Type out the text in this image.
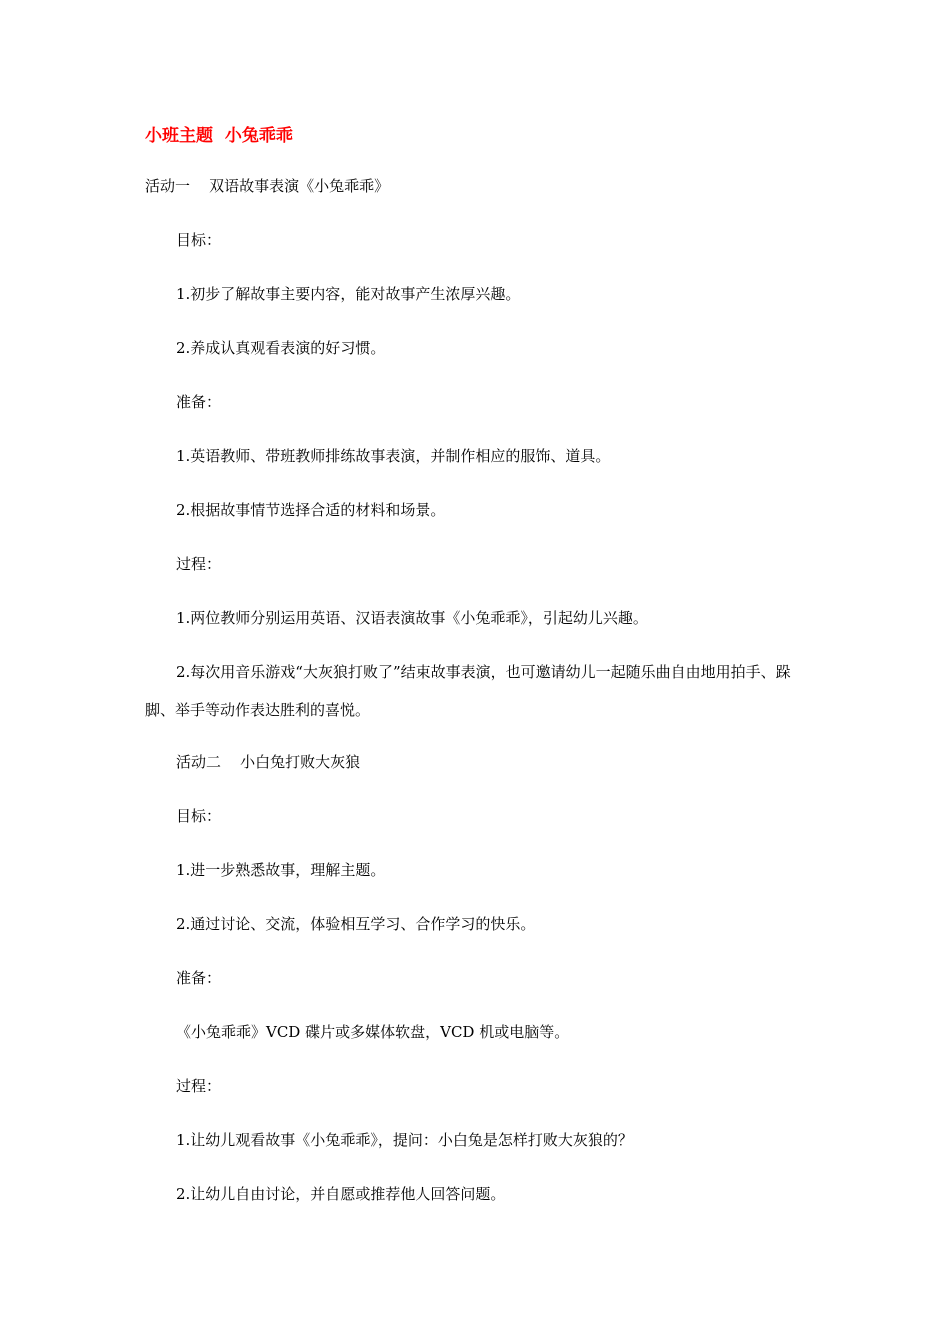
小班主题  小兔乖乖
活动一    双语故事表演《小兔乖乖》
目标：
1.初步了解故事主要内容，能对故事产生浓厚兴趣。
2.养成认真观看表演的好习惯。
准备：
1.英语教师、带班教师排练故事表演，并制作相应的服饰、道具。
2.根据故事情节选择合适的材料和场景。
过程：
1.两位教师分别运用英语、汉语表演故事《小兔乖乖》，引起幼儿兴趣。
2.每次用音乐游戏“大灰狼打败了”结束故事表演，也可邀请幼儿一起随乐曲自由地用拍手、跺脚、举手等动作表达胜利的喜悦。
活动二    小白兔打败大灰狼
目标：
1.进一步熟悉故事，理解主题。
2.通过讨论、交流，体验相互学习、合作学习的快乐。
准备：
《小兔乖乖》VCD 碟片或多媒体软盘，VCD 机或电脑等。
过程：
1.让幼儿观看故事《小兔乖乖》，提问：小白兔是怎样打败大灰狼的？
2.让幼儿自由讨论，并自愿或推荐他人回答问题。
